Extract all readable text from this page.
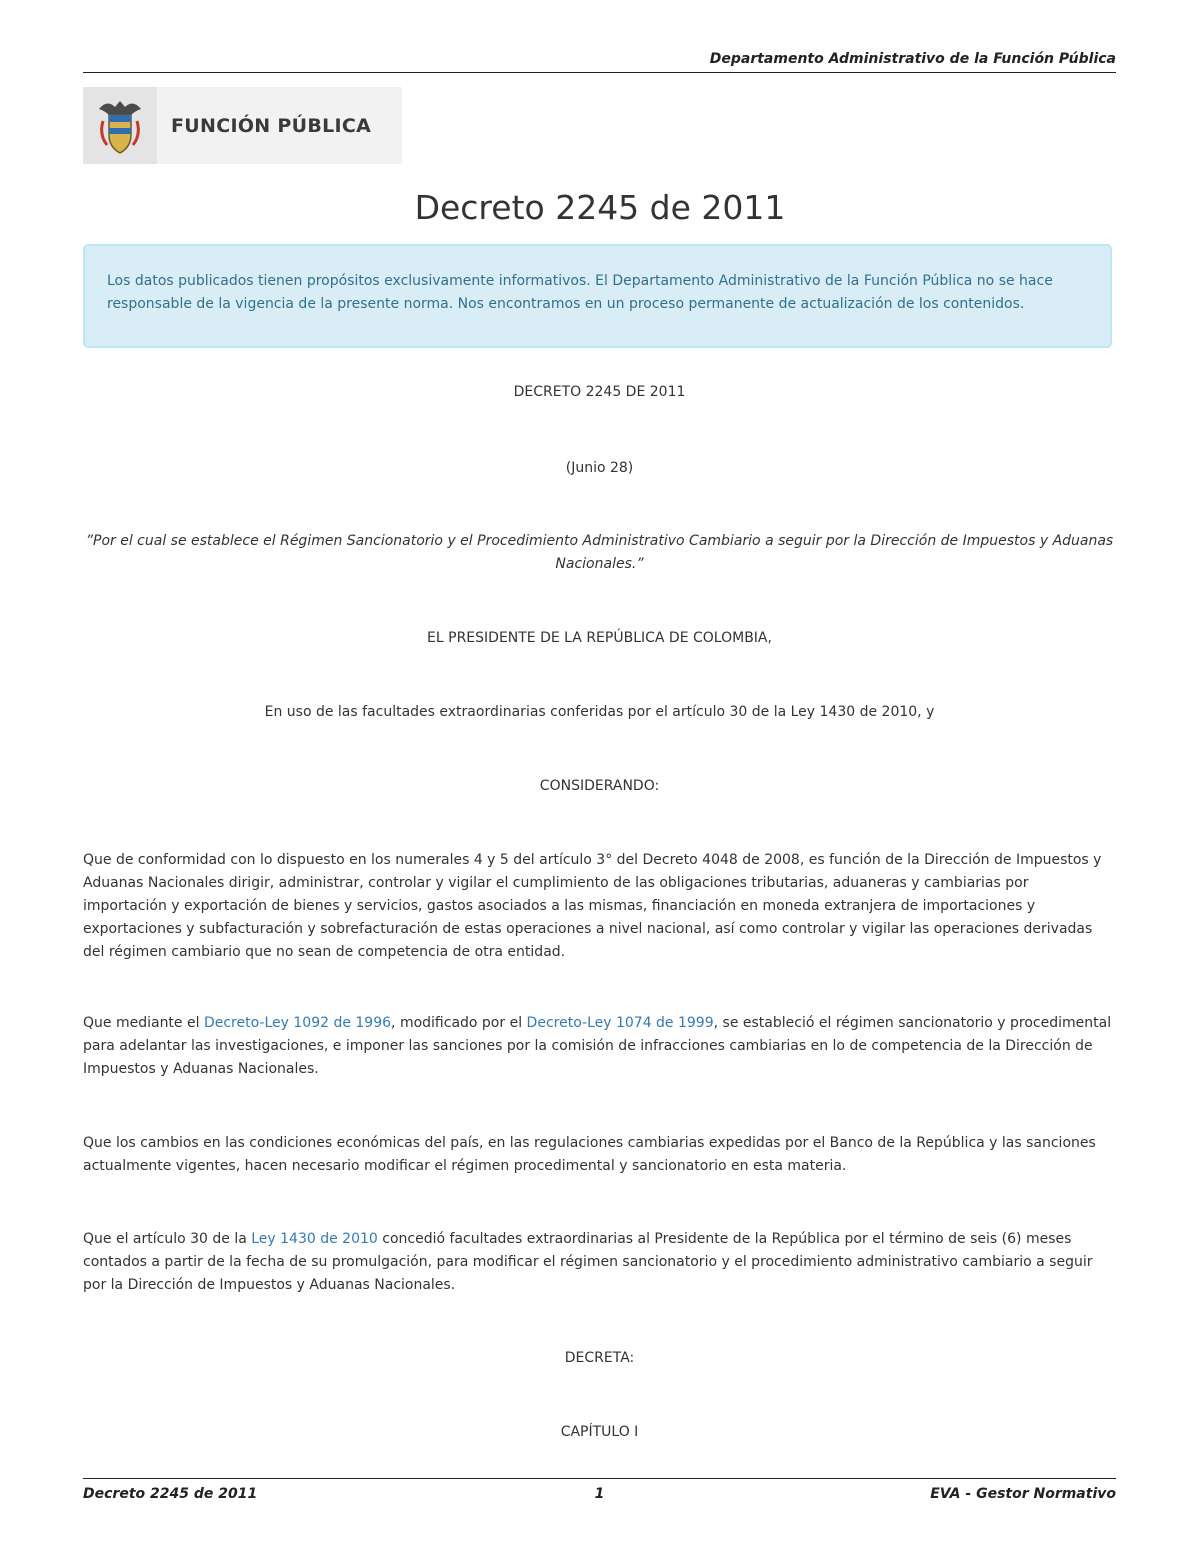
Departamento Administrativo de la Función Pública
FUNCIÓN PÚBLICA
Decreto 2245 de 2011
Los datos publicados tienen propósitos exclusivamente informativos. El Departamento Administrativo de la Función Pública no se hace responsable de la vigencia de la presente norma. Nos encontramos en un proceso permanente de actualización de los contenidos.

DECRETO 2245 DE 2011

(Junio 28)

”Por el cual se establece el Régimen Sancionatorio y el Procedimiento Administrativo Cambiario a seguir por la Dirección de Impuestos y Aduanas Nacionales.”

EL PRESIDENTE DE LA REPÚBLICA DE COLOMBIA,

En uso de las facultades extraordinarias conferidas por el artículo 30 de la Ley 1430 de 2010, y

CONSIDERANDO:

Que de conformidad con lo dispuesto en los numerales 4 y 5 del artículo 3° del Decreto 4048 de 2008, es función de la Dirección de Impuestos y Aduanas Nacionales dirigir, administrar, controlar y vigilar el cumplimiento de las obligaciones tributarias, aduaneras y cambiarias por importación y exportación de bienes y servicios, gastos asociados a las mismas, financiación en moneda extranjera de importaciones y exportaciones y subfacturación y sobrefacturación de estas operaciones a nivel nacional, así como controlar y vigilar las operaciones derivadas del régimen cambiario que no sean de competencia de otra entidad.

Que mediante el Decreto-Ley 1092 de 1996, modificado por el Decreto-Ley 1074 de 1999, se estableció el régimen sancionatorio y procedimental para adelantar las investigaciones, e imponer las sanciones por la comisión de infracciones cambiarias en lo de competencia de la Dirección de Impuestos y Aduanas Nacionales.

Que los cambios en las condiciones económicas del país, en las regulaciones cambiarias expedidas por el Banco de la República y las sanciones actualmente vigentes, hacen necesario modificar el régimen procedimental y sancionatorio en esta materia.

Que el artículo 30 de la Ley 1430 de 2010 concedió facultades extraordinarias al Presidente de la República por el término de seis (6) meses contados a partir de la fecha de su promulgación, para modificar el régimen sancionatorio y el procedimiento administrativo cambiario a seguir por la Dirección de Impuestos y Aduanas Nacionales.

DECRETA:

CAPÍTULO I

Decreto 2245 de 2011	1	EVA - Gestor Normativo
